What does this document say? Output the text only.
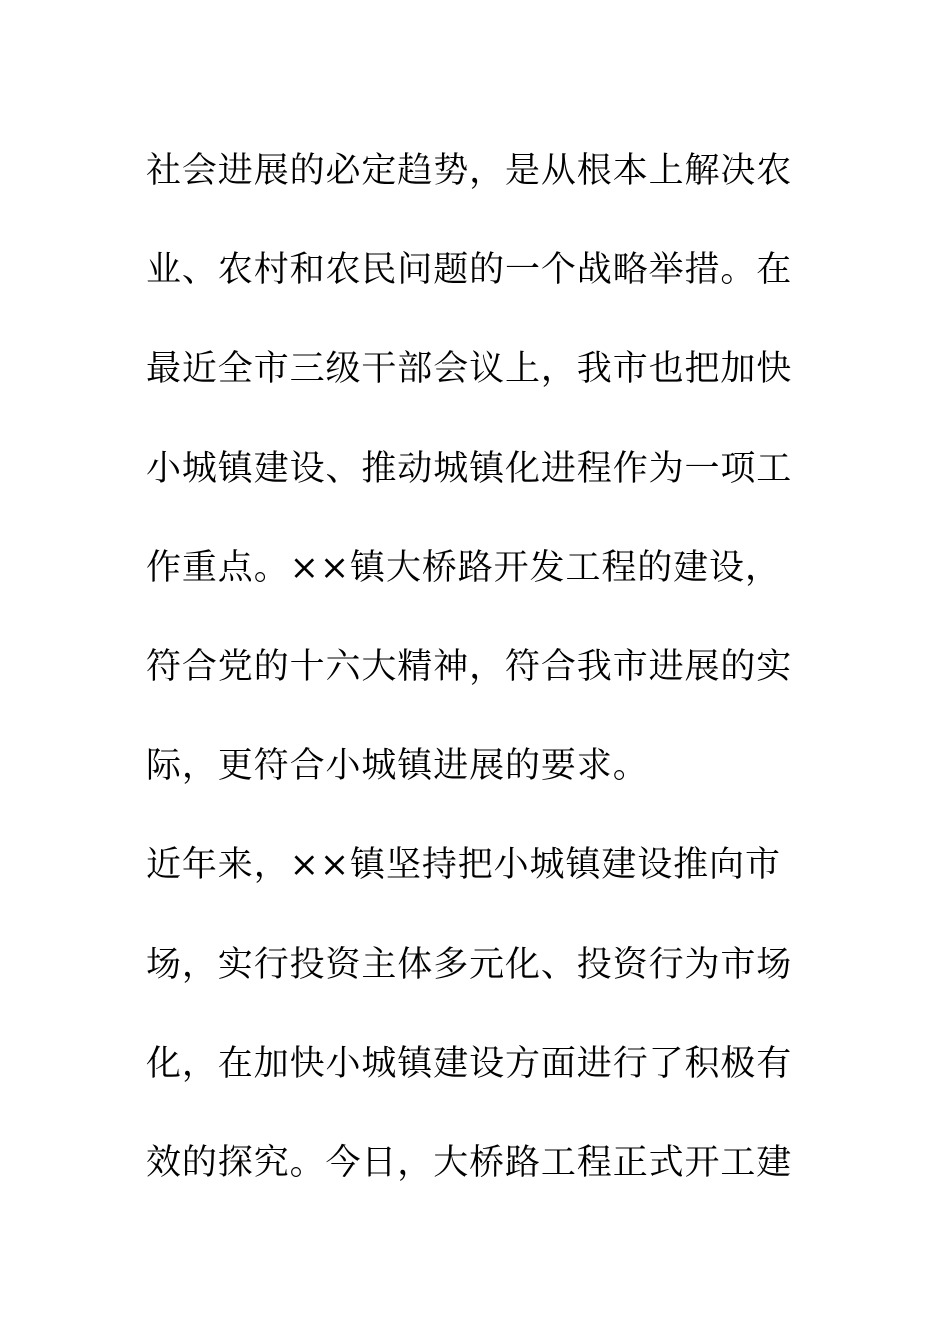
社会进展的必定趋势，是从根本上解决农
业、农村和农民问题的一个战略举措。在
最近全市三级干部会议上，我市也把加快
小城镇建设、推动城镇化进程作为一项工
作重点。××镇大桥路开发工程的建设，
符合党的十六大精神，符合我市进展的实
际，更符合小城镇进展的要求。
近年来，××镇坚持把小城镇建设推向市
场，实行投资主体多元化、投资行为市场
化，在加快小城镇建设方面进行了积极有
效的探究。今日，大桥路工程正式开工建
